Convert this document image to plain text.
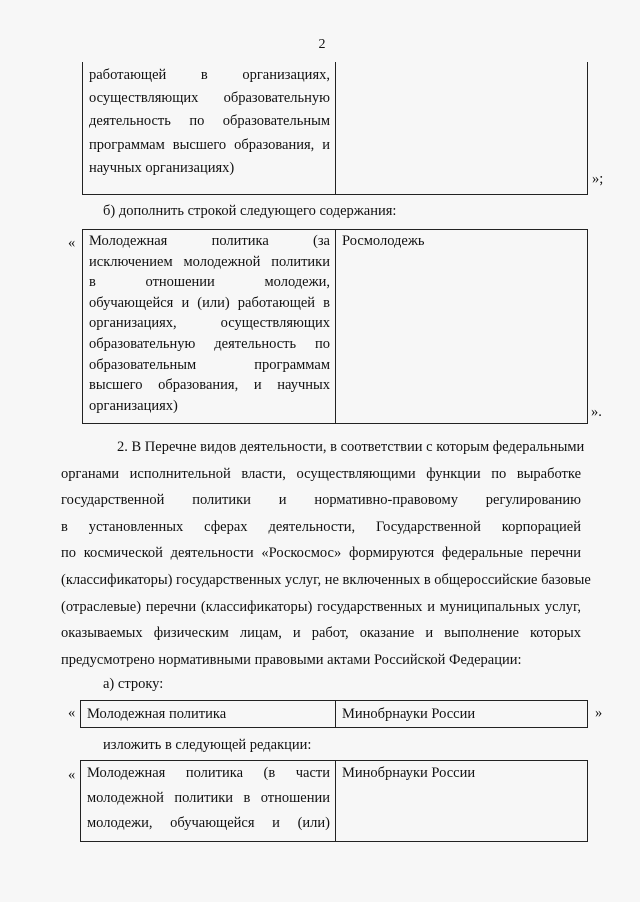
2
работающей в организациях,
осуществляющих образовательную
деятельность по образовательным
программам высшего образования, и
научных организациях)
»;
б) дополнить строкой следующего содержания:
« Молодежная политика (за
исключением молодежной политики
в отношении молодежи,
обучающейся и (или) работающей в
организациях, осуществляющих
образовательную деятельность по
образовательным программам
высшего образования, и научных
организациях)
Росмолодежь
».
2. В Перечне видов деятельности, в соответствии с которым федеральными
органами исполнительной власти, осуществляющими функции по выработке
государственной политики и нормативно-правовому регулированию
в установленных сферах деятельности, Государственной корпорацией
по космической деятельности «Роскосмос» формируются федеральные перечни
(классификаторы) государственных услуг, не включенных в общероссийские базовые
(отраслевые) перечни (классификаторы) государственных и муниципальных услуг,
оказываемых физическим лицам, и работ, оказание и выполнение которых
предусмотрено нормативными правовыми актами Российской Федерации:
а) строку:
« Молодежная политика	Минобрнауки России	»
изложить в следующей редакции:
« Молодежная политика (в части
молодежной политики в отношении
молодежи, обучающейся и (или)
Минобрнауки России
